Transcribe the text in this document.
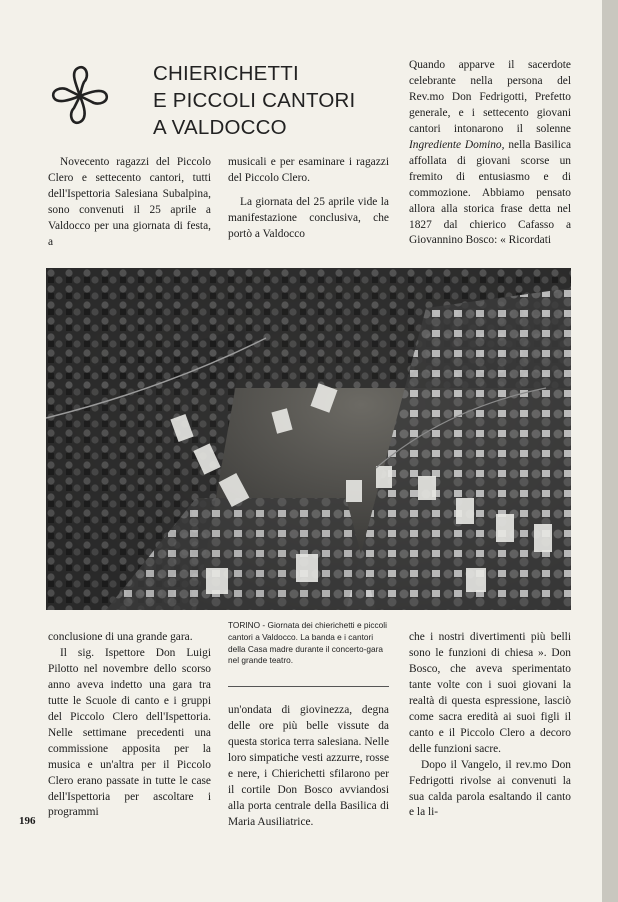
CHIERICHETTI
E PICCOLI CANTORI
A VALDOCCO

Novecento ragazzi del Piccolo Clero e settecento cantori, tutti dell'Ispettoria Salesiana Subalpina, sono convenuti il 25 aprile a Valdocco per una giornata di festa, a

musicali e per esaminare i ragazzi del Piccolo Clero.

La giornata del 25 aprile vide la manifestazione conclusiva, che portò a Valdocco

Quando apparve il sacerdote celebrante nella persona del Rev.mo Don Fedrigotti, Prefetto generale, e i settecento giovani cantori intonarono il solenne Ingrediente Domino, nella Basilica affollata di giovani scorse un fremito di entusiasmo e di commozione. Abbiamo pensato allora alla storica frase detta nel 1827 dal chierico Cafasso a Giovannino Bosco: « Ricordati

conclusione di una grande gara.

Il sig. Ispettore Don Luigi Pilotto nel novembre dello scorso anno aveva indetto una gara tra tutte le Scuole di canto e i gruppi del Piccolo Clero dell'Ispettoria. Nelle settimane precedenti una commissione apposita per la musica e un'altra per il Piccolo Clero erano passate in tutte le case dell'Ispettoria per ascoltare i programmi

TORINO - Giornata dei chierichetti e piccoli cantori a Valdocco. La banda e i cantori della Casa madre durante il concerto-gara nel grande teatro.

un'ondata di giovinezza, degna delle ore più belle vissute da questa storica terra salesiana. Nelle loro simpatiche vesti azzurre, rosse e nere, i Chierichetti sfilarono per il cortile Don Bosco avviandosi alla porta centrale della Basilica di Maria Ausiliatrice.

che i nostri divertimenti più belli sono le funzioni di chiesa ». Don Bosco, che aveva sperimentato tante volte con i suoi giovani la realtà di questa espressione, lasciò come sacra eredità ai suoi figli il canto e il Piccolo Clero a decoro delle funzioni sacre.

Dopo il Vangelo, il rev.mo Don Fedrigotti rivolse ai convenuti la sua calda parola esaltando il canto e la li-

196
